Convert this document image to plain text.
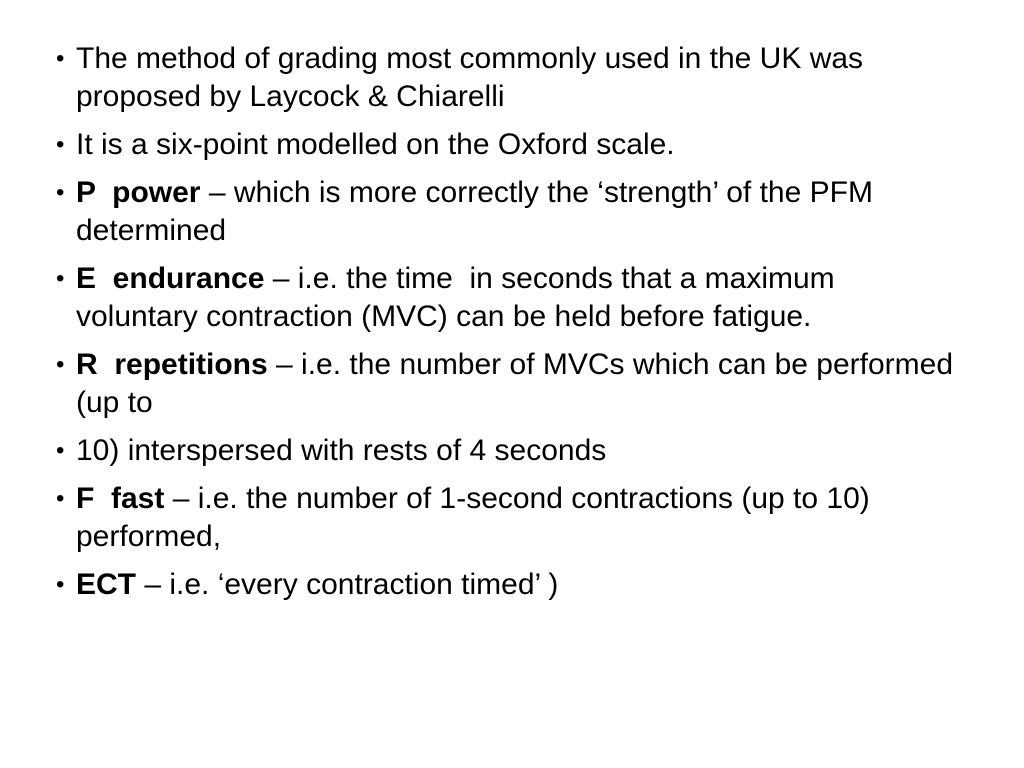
• The method of grading most commonly used in the UK was proposed by Laycock & Chiarelli
• It is a six-point modelled on the Oxford scale.
• P  power – which is more correctly the ‘strength’ of the PFM determined
• E  endurance – i.e. the time  in seconds that a maximum voluntary contraction (MVC) can be held before fatigue.
• R  repetitions – i.e. the number of MVCs which can be performed (up to
• 10) interspersed with rests of 4 seconds
• F  fast – i.e. the number of 1-second contractions (up to 10) performed,
• ECT – i.e. ‘every contraction timed’ )
